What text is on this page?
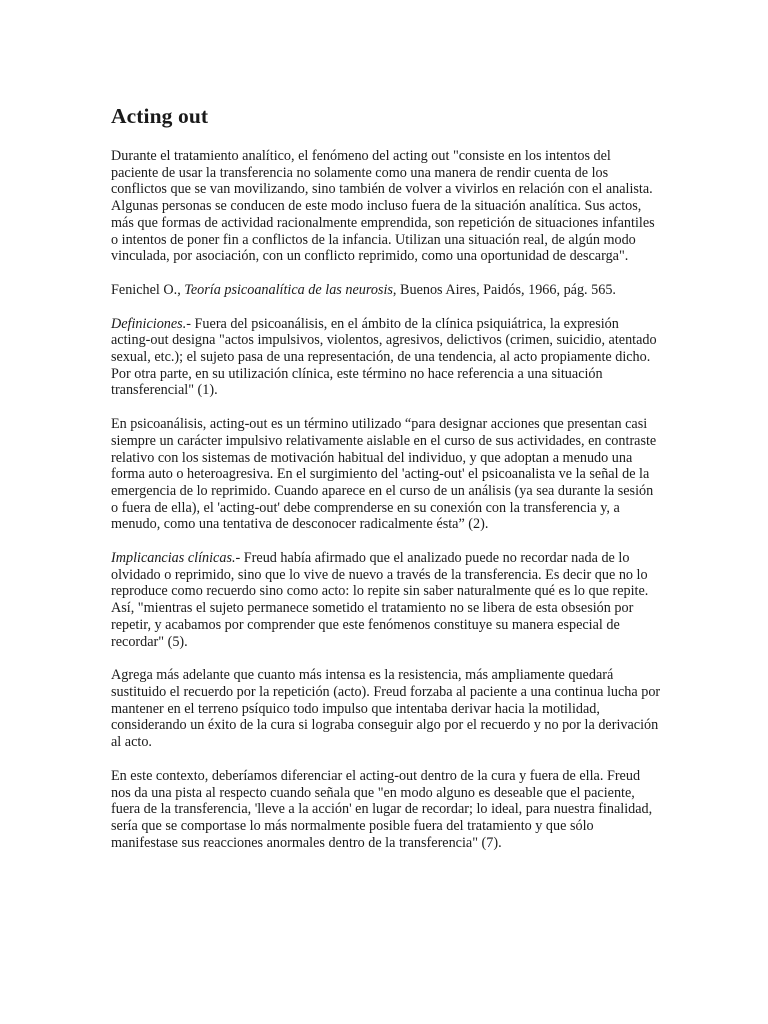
Acting out

Durante el tratamiento analítico, el fenómeno del acting out "consiste en los intentos del paciente de usar la transferencia no solamente como una manera de rendir cuenta de los conflictos que se van movilizando, sino también de volver a vivirlos en relación con el analista. Algunas personas se conducen de este modo incluso fuera de la situación analítica. Sus actos, más que formas de actividad racionalmente emprendida, son repetición de situaciones infantiles o intentos de poner fin a conflictos de la infancia. Utilizan una situación real, de algún modo vinculada, por asociación, con un conflicto reprimido, como una oportunidad de descarga".

Fenichel O., Teoría psicoanalítica de las neurosis, Buenos Aires, Paidós, 1966, pág. 565.

Definiciones.- Fuera del psicoanálisis, en el ámbito de la clínica psiquiátrica, la expresión acting-out designa "actos impulsivos, violentos, agresivos, delictivos (crimen, suicidio, atentado sexual, etc.); el sujeto pasa de una representación, de una tendencia, al acto propiamente dicho. Por otra parte, en su utilización clínica, este término no hace referencia a una situación transferencial" (1).

En psicoanálisis, acting-out es un término utilizado “para designar acciones que presentan casi siempre un carácter impulsivo relativamente aislable en el curso de sus actividades, en contraste relativo con los sistemas de motivación habitual del individuo, y que adoptan a menudo una forma auto o heteroagresiva. En el surgimiento del 'acting-out' el psicoanalista ve la señal de la emergencia de lo reprimido. Cuando aparece en el curso de un análisis (ya sea durante la sesión o fuera de ella), el 'acting-out' debe comprenderse en su conexión con la transferencia y, a menudo, como una tentativa de desconocer radicalmente ésta” (2).

Implicancias clínicas.- Freud había afirmado que el analizado puede no recordar nada de lo olvidado o reprimido, sino que lo vive de nuevo a través de la transferencia. Es decir que no lo reproduce como recuerdo sino como acto: lo repite sin saber naturalmente qué es lo que repite. Así, "mientras el sujeto permanece sometido el tratamiento no se libera de esta obsesión por repetir, y acabamos por comprender que este fenómenos constituye su manera especial de recordar" (5).

Agrega más adelante que cuanto más intensa es la resistencia, más ampliamente quedará sustituido el recuerdo por la repetición (acto). Freud forzaba al paciente a una continua lucha por mantener en el terreno psíquico todo impulso que intentaba derivar hacia la motilidad, considerando un éxito de la cura si lograba conseguir algo por el recuerdo y no por la derivación al acto.

En este contexto, deberíamos diferenciar el acting-out dentro de la cura y fuera de ella. Freud nos da una pista al respecto cuando señala que "en modo alguno es deseable que el paciente, fuera de la transferencia, 'lleve a la acción' en lugar de recordar; lo ideal, para nuestra finalidad, sería que se comportase lo más normalmente posible fuera del tratamiento y que sólo manifestase sus reacciones anormales dentro de la transferencia" (7).
